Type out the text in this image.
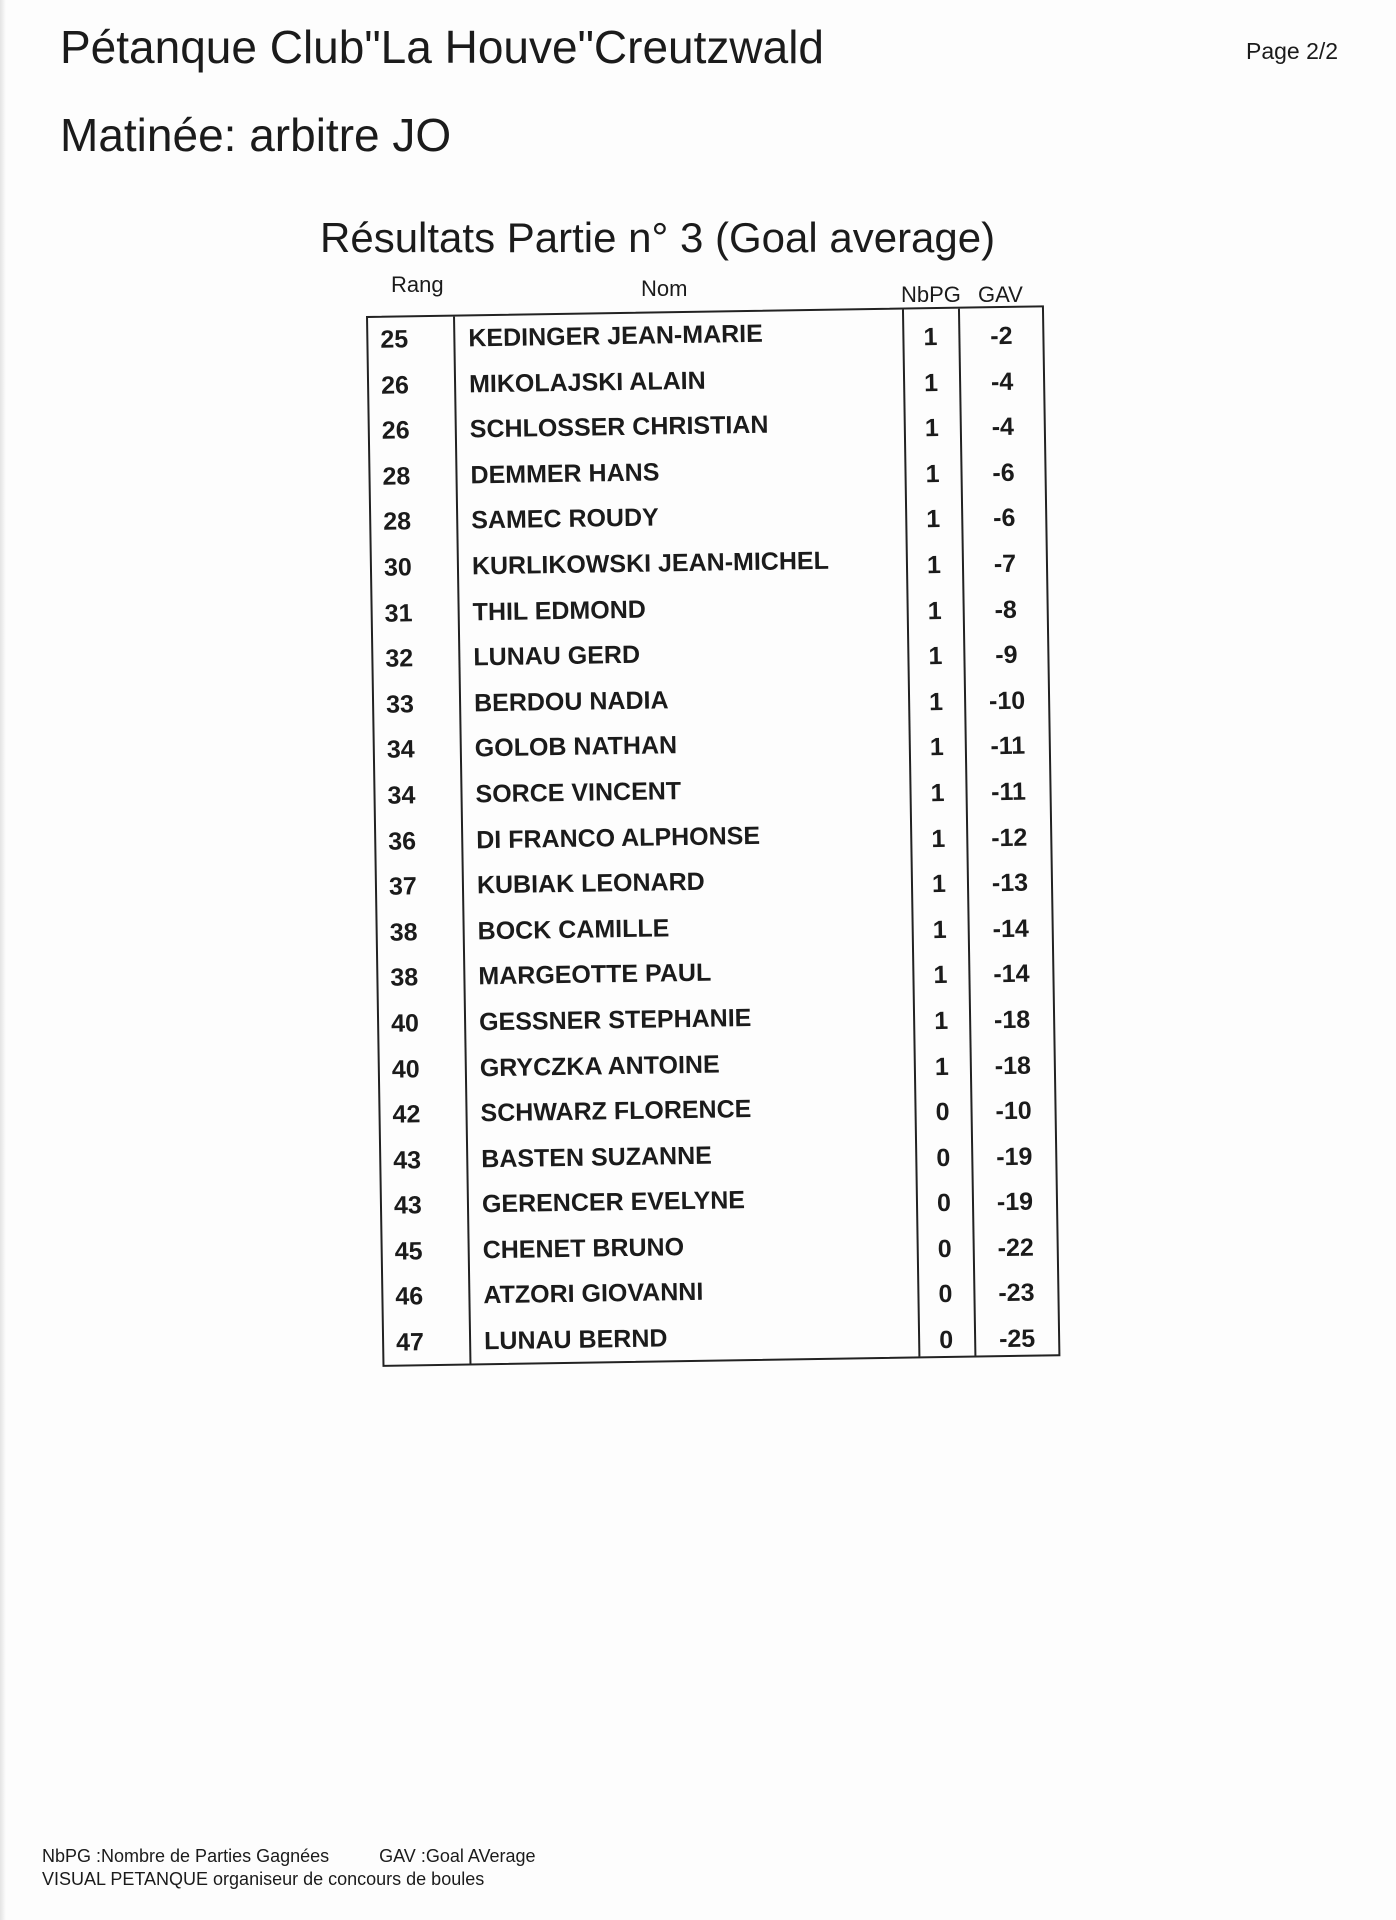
Pétanque Club"La Houve"Creutzwald	Page 2/2
Matinée: arbitre JO
Résultats Partie n° 3 (Goal average)
Rang	Nom	NbPG GAV
25	KEDINGER JEAN-MARIE	1	-2
26	MIKOLAJSKI ALAIN	1	-4
26	SCHLOSSER CHRISTIAN	1	-4
28	DEMMER HANS	1	-6
28	SAMEC ROUDY	1	-6
30	KURLIKOWSKI JEAN-MICHEL	1	-7
31	THIL EDMOND	1	-8
32	LUNAU GERD	1	-9
33	BERDOU NADIA	1	-10
34	GOLOB NATHAN	1	-11
34	SORCE VINCENT	1	-11
36	DI FRANCO ALPHONSE	1	-12
37	KUBIAK LEONARD	1	-13
38	BOCK CAMILLE	1	-14
38	MARGEOTTE PAUL	1	-14
40	GESSNER STEPHANIE	1	-18
40	GRYCZKA ANTOINE	1	-18
42	SCHWARZ FLORENCE	0	-10
43	BASTEN SUZANNE	0	-19
43	GERENCER EVELYNE	0	-19
45	CHENET BRUNO	0	-22
46	ATZORI GIOVANNI	0	-23
47	LUNAU BERND	0	-25
NbPG :Nombre de Parties Gagnées	GAV :Goal AVerage
VISUAL PETANQUE organiseur de concours de boules
